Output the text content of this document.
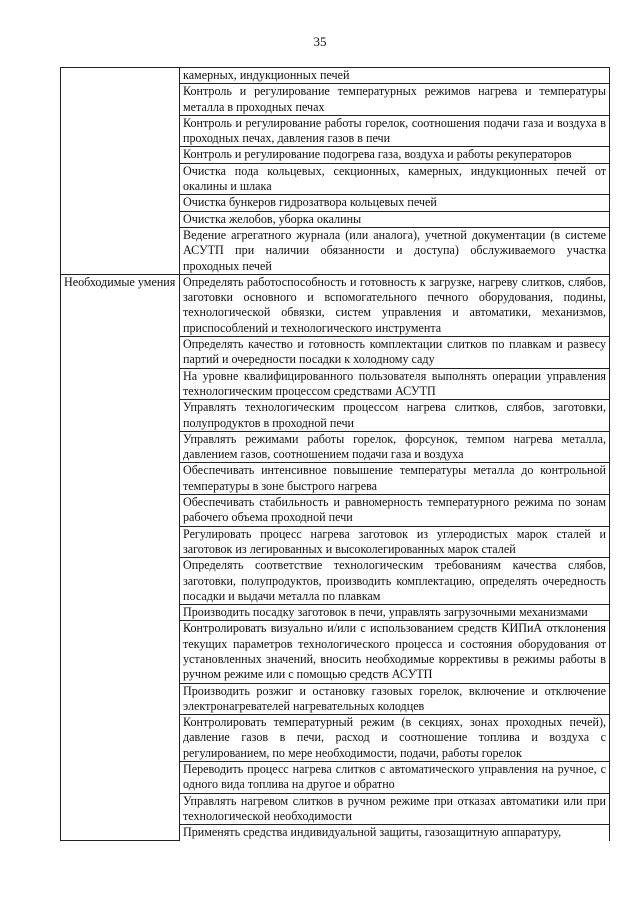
35
	камерных, индукционных печей
	Контроль и регулирование температурных режимов нагрева и температуры металла в проходных печах
	Контроль и регулирование работы горелок, соотношения подачи газа и воздуха в проходных печах, давления газов в печи
	Контроль и регулирование подогрева газа, воздуха и работы рекуператоров
	Очистка пода кольцевых, секционных, камерных, индукционных печей от окалины и шлака
	Очистка бункеров гидрозатвора кольцевых печей
	Очистка желобов, уборка окалины
	Ведение агрегатного журнала (или аналога), учетной документации (в системе АСУТП при наличии обязанности и доступа) обслуживаемого участка проходных печей
Необходимые умения	Определять работоспособность и готовность к загрузке, нагреву слитков, слябов, заготовки основного и вспомогательного печного оборудования, подины, технологической обвязки, систем управления и автоматики, механизмов, приспособлений и технологического инструмента
	Определять качество и готовность комплектации слитков по плавкам и развесу партий и очередности посадки к холодному саду
	На уровне квалифицированного пользователя выполнять операции управления технологическим процессом средствами АСУТП
	Управлять технологическим процессом нагрева слитков, слябов, заготовки, полупродуктов в проходной печи
	Управлять режимами работы горелок, форсунок, темпом нагрева металла, давлением газов, соотношением подачи газа и воздуха
	Обеспечивать интенсивное повышение температуры металла до контрольной температуры в зоне быстрого нагрева
	Обеспечивать стабильность и равномерность температурного режима по зонам рабочего объема проходной печи
	Регулировать процесс нагрева заготовок из углеродистых марок сталей и заготовок из легированных и высоколегированных марок сталей
	Определять соответствие технологическим требованиям качества слябов, заготовки, полупродуктов, производить комплектацию, определять очередность посадки и выдачи металла по плавкам
	Производить посадку заготовок в печи, управлять загрузочными механизмами
	Контролировать визуально и/или с использованием средств КИПиА отклонения текущих параметров технологического процесса и состояния оборудования от установленных значений, вносить необходимые коррективы в режимы работы в ручном режиме или с помощью средств АСУТП
	Производить розжиг и остановку газовых горелок, включение и отключение электронагревателей нагревательных колодцев
	Контролировать температурный режим (в секциях, зонах проходных печей), давление газов в печи, расход и соотношение топлива и воздуха с регулированием, по мере необходимости, подачи, работы горелок
	Переводить процесс нагрева слитков с автоматического управления на ручное, с одного вида топлива на другое и обратно
	Управлять нагревом слитков в ручном режиме при отказах автоматики или при технологической необходимости
	Применять средства индивидуальной защиты, газозащитную аппаратуру,
